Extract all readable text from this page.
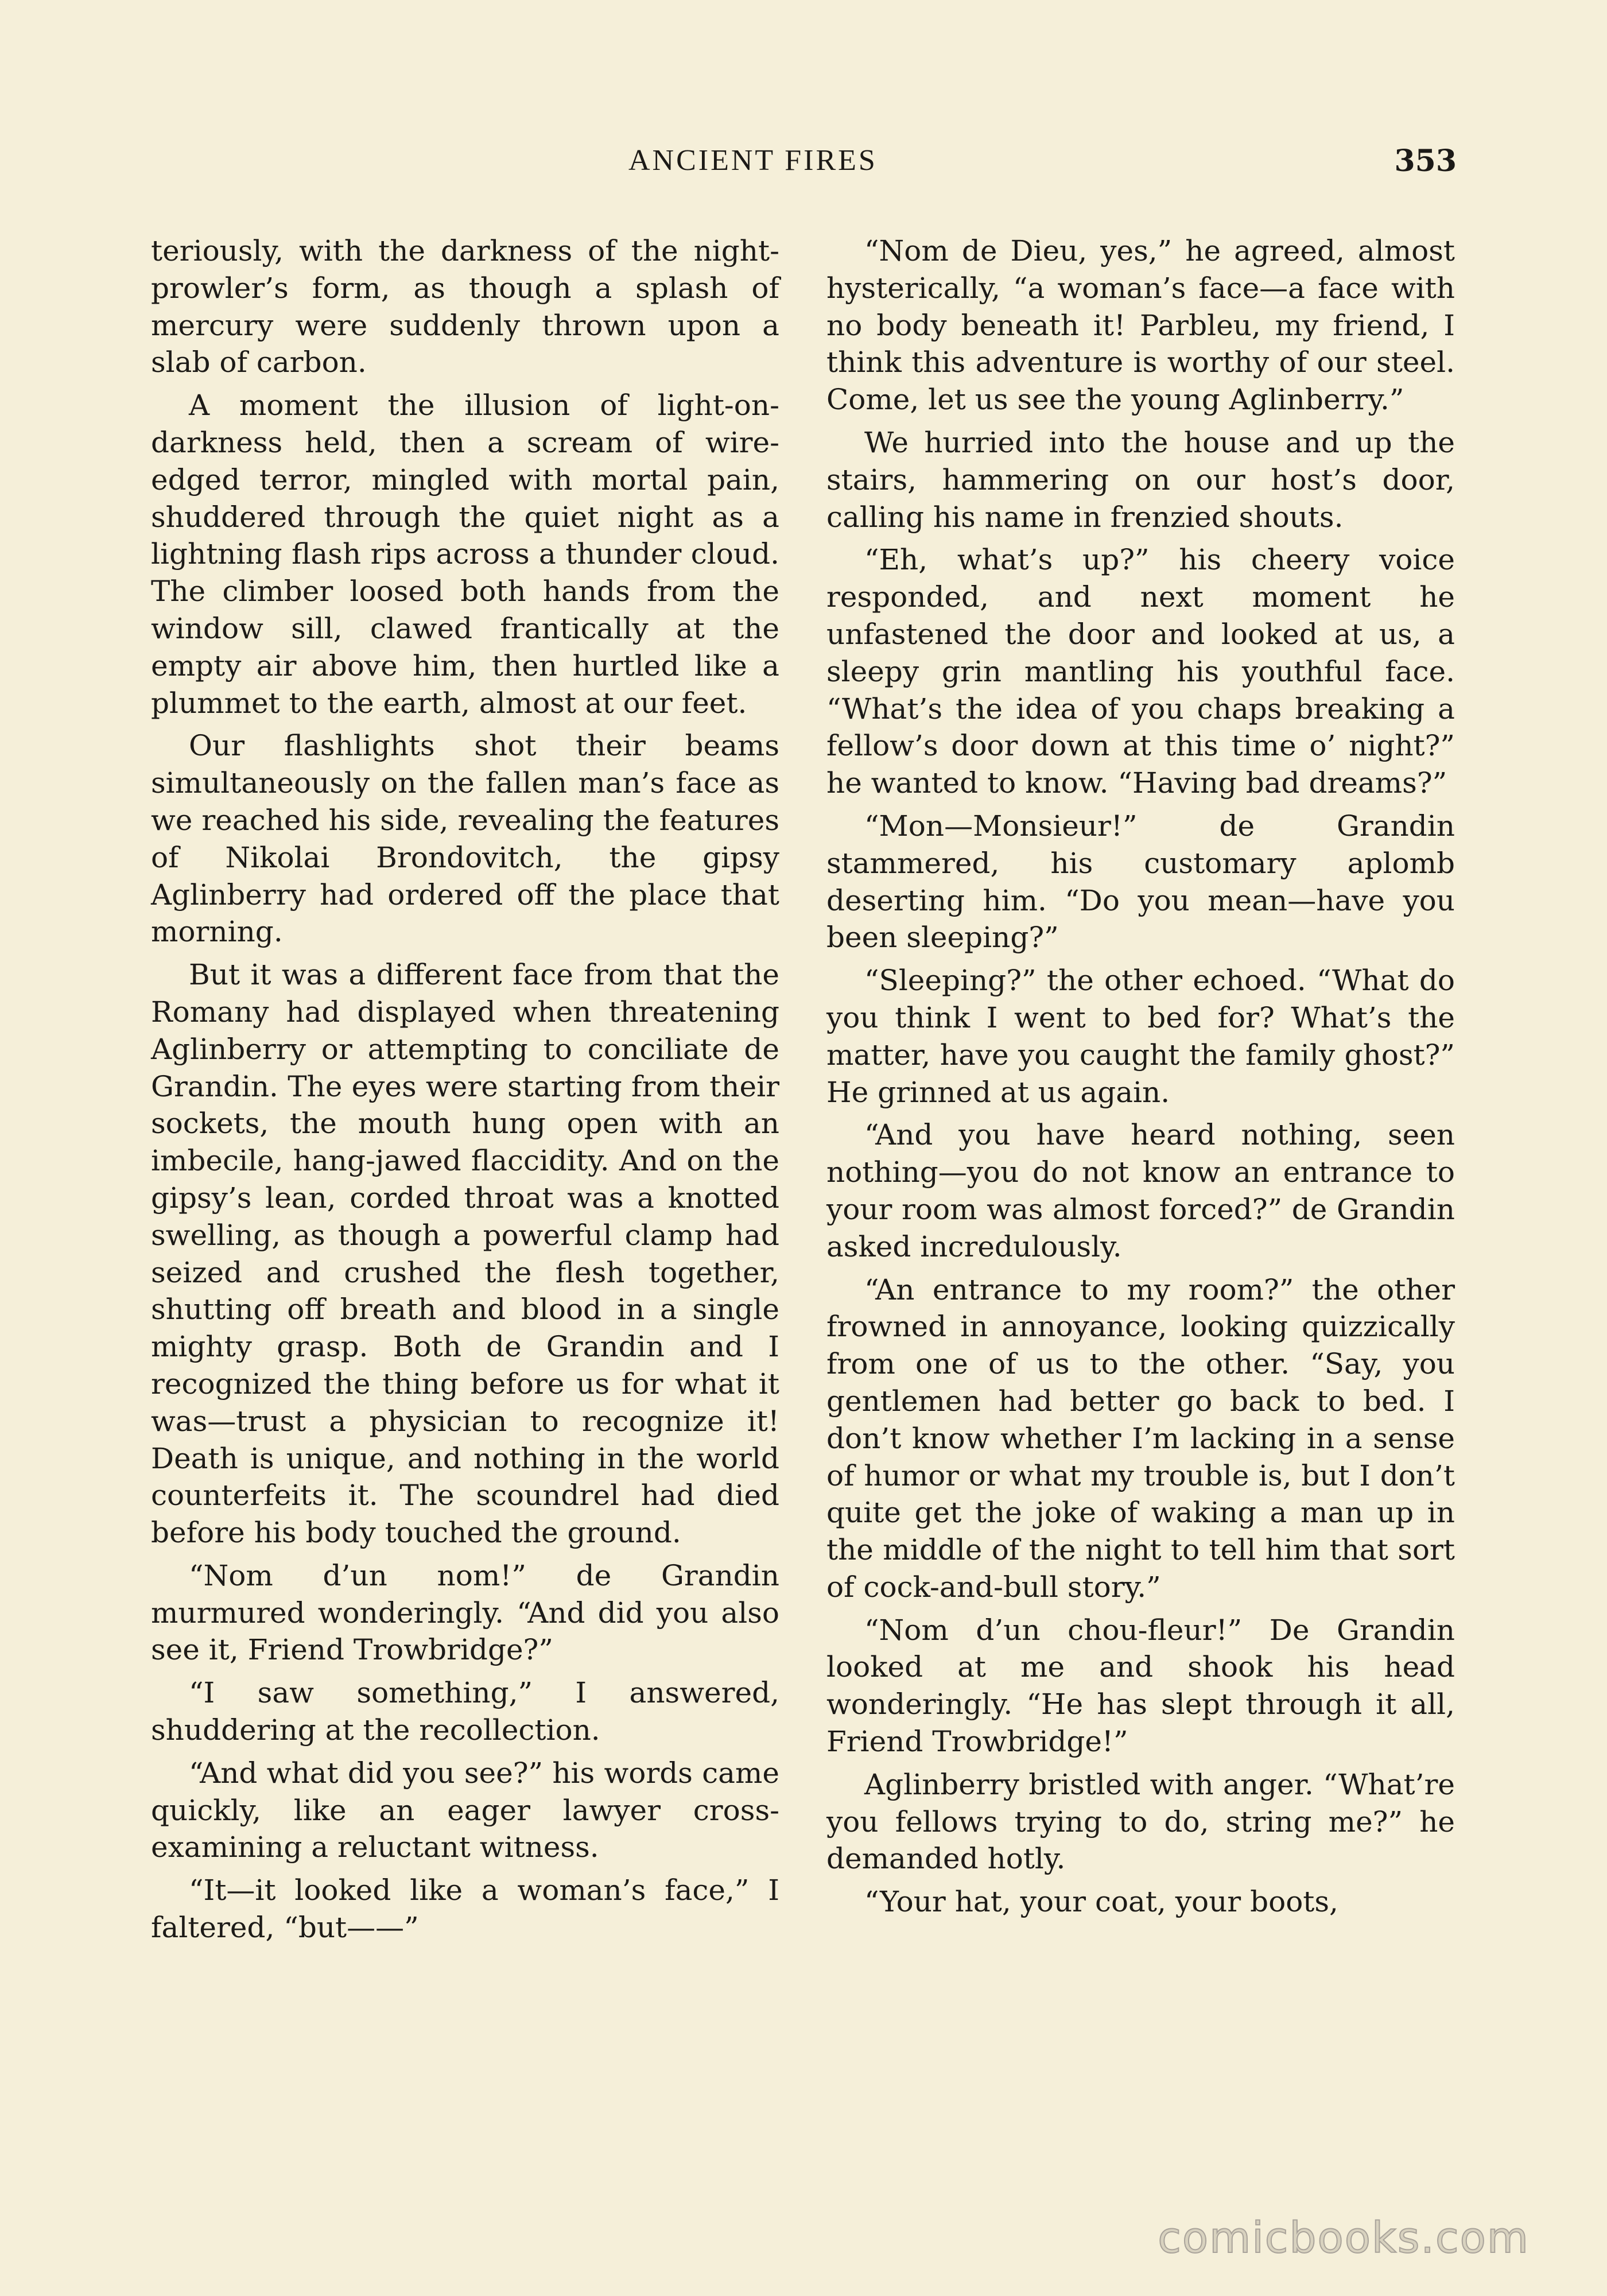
ANCIENT FIRES	353

teriously, with the darkness of the night-prowler’s form, as though a splash of mercury were suddenly thrown upon a slab of carbon.

A moment the illusion of light-on-darkness held, then a scream of wire-edged terror, mingled with mortal pain, shuddered through the quiet night as a lightning flash rips across a thunder cloud. The climber loosed both hands from the window sill, clawed frantically at the empty air above him, then hurtled like a plummet to the earth, almost at our feet.

Our flashlights shot their beams simultaneously on the fallen man’s face as we reached his side, revealing the features of Nikolai Brondovitch, the gipsy Aglinberry had ordered off the place that morning.

But it was a different face from that the Romany had displayed when threatening Aglinberry or attempting to conciliate de Grandin. The eyes were starting from their sockets, the mouth hung open with an imbecile, hang-jawed flaccidity. And on the gipsy’s lean, corded throat was a knotted swelling, as though a powerful clamp had seized and crushed the flesh together, shutting off breath and blood in a single mighty grasp. Both de Grandin and I recognized the thing before us for what it was—trust a physician to recognize it! Death is unique, and nothing in the world counterfeits it. The scoundrel had died before his body touched the ground.

“Nom d’un nom!” de Grandin murmured wonderingly. “And did you also see it, Friend Trowbridge?”

“I saw something,” I answered, shuddering at the recollection.

“And what did you see?” his words came quickly, like an eager lawyer cross-examining a reluctant witness.

“It—it looked like a woman’s face,” I faltered, “but——”

“Nom de Dieu, yes,” he agreed, almost hysterically, “a woman’s face—a face with no body beneath it! Parbleu, my friend, I think this adventure is worthy of our steel. Come, let us see the young Aglinberry.”

We hurried into the house and up the stairs, hammering on our host’s door, calling his name in frenzied shouts.

“Eh, what’s up?” his cheery voice responded, and next moment he unfastened the door and looked at us, a sleepy grin mantling his youthful face. “What’s the idea of you chaps breaking a fellow’s door down at this time o’ night?” he wanted to know. “Having bad dreams?”

“Mon—Monsieur!” de Grandin stammered, his customary aplomb deserting him. “Do you mean—have you been sleeping?”

“Sleeping?” the other echoed. “What do you think I went to bed for? What’s the matter, have you caught the family ghost?” He grinned at us again.

“And you have heard nothing, seen nothing—you do not know an entrance to your room was almost forced?” de Grandin asked incredulously.

“An entrance to my room?” the other frowned in annoyance, looking quizzically from one of us to the other. “Say, you gentlemen had better go back to bed. I don’t know whether I’m lacking in a sense of humor or what my trouble is, but I don’t quite get the joke of waking a man up in the middle of the night to tell him that sort of cock-and-bull story.”

“Nom d’un chou-fleur!” De Grandin looked at me and shook his head wonderingly. “He has slept through it all, Friend Trowbridge!”

Aglinberry bristled with anger. “What’re you fellows trying to do, string me?” he demanded hotly.

“Your hat, your coat, your boots,

comicbooks.com
